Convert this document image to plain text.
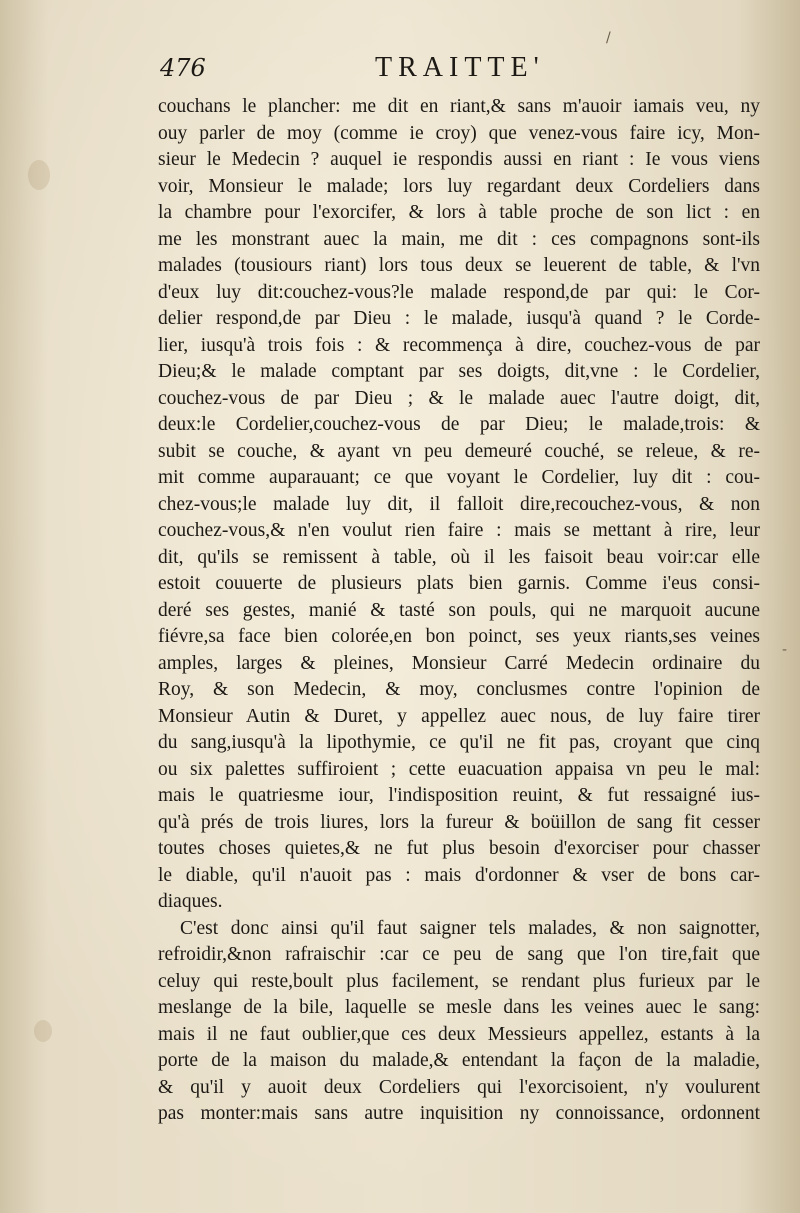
476	TRAITTE'
/
-
couchans le plancher: me dit en riant,& sans m'auoir iamais veu, ny
ouy parler de moy (comme ie croy) que venez-vous faire icy, Mon-
sieur le Medecin ? auquel ie respondis aussi en riant : Ie vous viens
voir, Monsieur le malade; lors luy regardant deux Cordeliers dans
la chambre pour l'exorcifer, & lors à table proche de son lict : en
me les monstrant auec la main, me dit : ces compagnons sont-ils
malades (tousiours riant) lors tous deux se leuerent de table, & l'vn
d'eux luy dit:couchez-vous?le malade respond,de par qui: le Cor-
delier respond,de par Dieu : le malade, iusqu'à quand ? le Corde-
lier, iusqu'à trois fois : & recommença à dire, couchez-vous de par
Dieu;& le malade comptant par ses doigts, dit,vne : le Cordelier,
couchez-vous de par Dieu ; & le malade auec l'autre doigt, dit,
deux:le Cordelier,couchez-vous de par Dieu; le malade,trois: &
subit se couche, & ayant vn peu demeuré couché, se releue, & re-
mit comme auparauant; ce que voyant le Cordelier, luy dit : cou-
chez-vous;le malade luy dit, il falloit dire,recouchez-vous, & non
couchez-vous,& n'en voulut rien faire : mais se mettant à rire, leur
dit, qu'ils se remissent à table, où il les faisoit beau voir:car elle
estoit couuerte de plusieurs plats bien garnis. Comme i'eus consi-
deré ses gestes, manié & tasté son pouls, qui ne marquoit aucune
fiévre,sa face bien colorée,en bon poinct, ses yeux riants,ses veines
amples, larges & pleines, Monsieur Carré Medecin ordinaire du
Roy, & son Medecin, & moy, conclusmes contre l'opinion de
Monsieur Autin & Duret, y appellez auec nous, de luy faire tirer
du sang,iusqu'à la lipothymie, ce qu'il ne fit pas, croyant que cinq
ou six palettes suffiroient ; cette euacuation appaisa vn peu le mal:
mais le quatriesme iour, l'indisposition reuint, & fut ressaigné ius-
qu'à prés de trois liures, lors la fureur & boüillon de sang fit cesser
toutes choses quietes,& ne fut plus besoin d'exorciser pour chasser
le diable, qu'il n'auoit pas : mais d'ordonner & vser de bons car-
diaques.
C'est donc ainsi qu'il faut saigner tels malades, & non saignotter,
refroidir,&non rafraischir :car ce peu de sang que l'on tire,fait que
celuy qui reste,boult plus facilement, se rendant plus furieux par le
meslange de la bile, laquelle se mesle dans les veines auec le sang:
mais il ne faut oublier,que ces deux Messieurs appellez, estants à la
porte de la maison du malade,& entendant la façon de la maladie,
& qu'il y auoit deux Cordeliers qui l'exorcisoient, n'y voulurent
pas monter:mais sans autre inquisition ny connoissance, ordonnent
